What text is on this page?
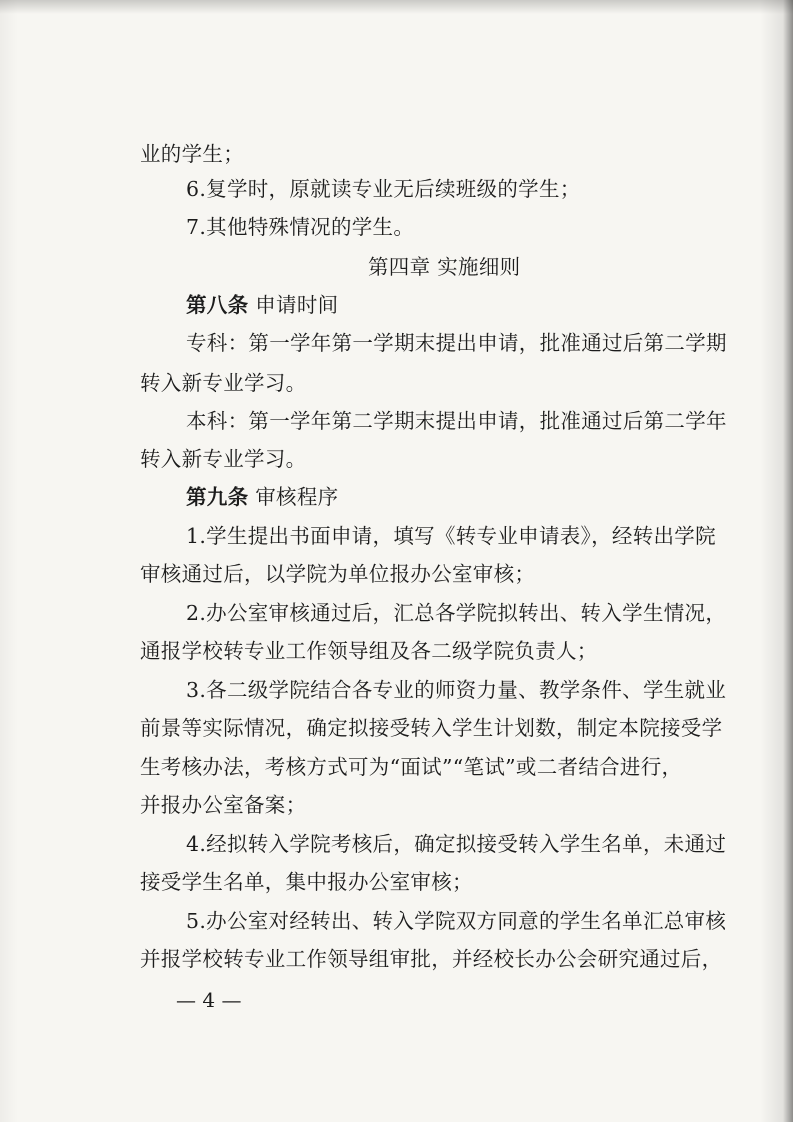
业的学生；
6.复学时，原就读专业无后续班级的学生；
7.其他特殊情况的学生。
第四章 实施细则
第八条 申请时间
专科：第一学年第一学期末提出申请，批准通过后第二学期
转入新专业学习。
本科：第一学年第二学期末提出申请，批准通过后第二学年
转入新专业学习。
第九条 审核程序
1.学生提出书面申请，填写《转专业申请表》，经转出学院
审核通过后，以学院为单位报办公室审核；
2.办公室审核通过后，汇总各学院拟转出、转入学生情况，
通报学校转专业工作领导组及各二级学院负责人；
3.各二级学院结合各专业的师资力量、教学条件、学生就业
前景等实际情况，确定拟接受转入学生计划数，制定本院接受学
生考核办法，考核方式可为“面试”“笔试”或二者结合进行，
并报办公室备案；
4.经拟转入学院考核后，确定拟接受转入学生名单，未通过
接受学生名单，集中报办公室审核；
5.办公室对经转出、转入学院双方同意的学生名单汇总审核
并报学校转专业工作领导组审批，并经校长办公会研究通过后，
— 4 —
